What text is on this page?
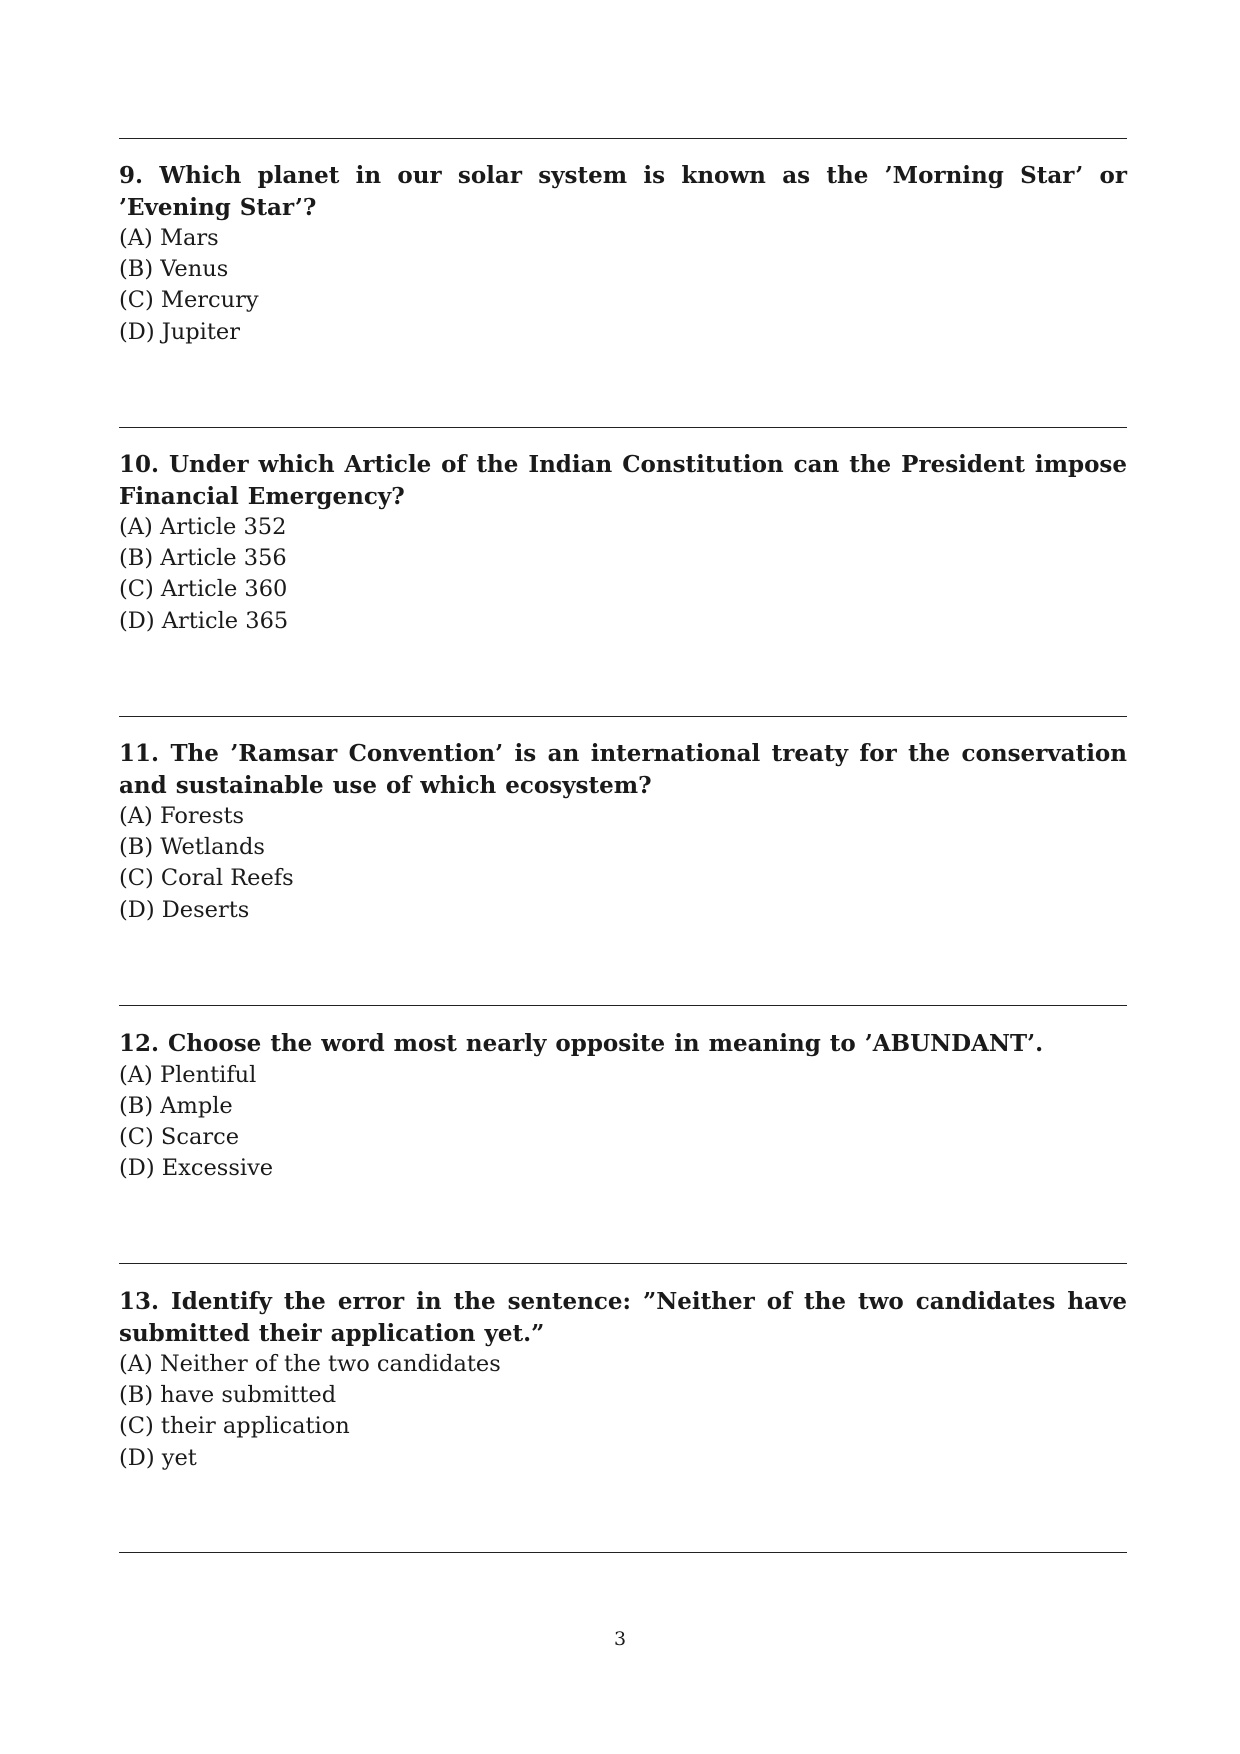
9. Which planet in our solar system is known as the ’Morning Star’ or ’Evening Star’?

(A) Mars
(B) Venus
(C) Mercury
(D) Jupiter

10. Under which Article of the Indian Constitution can the President impose Financial Emergency?

(A) Article 352
(B) Article 356
(C) Article 360
(D) Article 365

11. The ’Ramsar Convention’ is an international treaty for the conservation and sustainable use of which ecosystem?

(A) Forests
(B) Wetlands
(C) Coral Reefs
(D) Deserts

12. Choose the word most nearly opposite in meaning to ’ABUNDANT’.

(A) Plentiful
(B) Ample
(C) Scarce
(D) Excessive

13. Identify the error in the sentence: ”Neither of the two candidates have submitted their application yet.”

(A) Neither of the two candidates
(B) have submitted
(C) their application
(D) yet
3
